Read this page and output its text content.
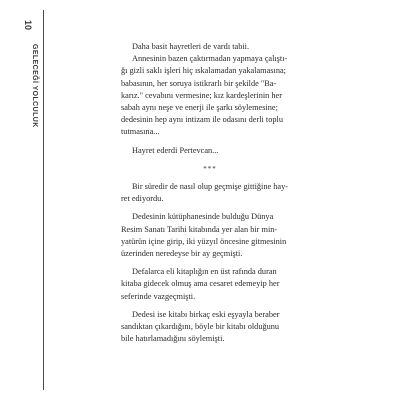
10
GELECEĞİ YOLCULUK	Daha basit hayretleri de vardı tabii.

Annesinin bazen çaktırmadan yapmaya çalıştı-
ğı gizli saklı işleri hiç ıskalamadan yakalamasına;
babasının, her soruya istikrarlı bir şekilde "Ba-
karız." cevabını vermesine; kız kardeşlerinin her
sabah aynı neşe ve enerji ile şarkı söylemesine;
dedesinin hep aynı intizam ile odasını derli toplu
tutmasına...

Hayret ederdi Pertevcan...

***

Bir süredir de nasıl olup geçmişe gittiğine hay-
ret ediyordu.

Dedesinin kütüphanesinde bulduğu Dünya
Resim Sanatı Tarihi kitabında yer alan bir min-
yatürün içine girip, iki yüzyıl öncesine gitmesinin
üzerinden neredeyse bir ay geçmişti.

Defalarca eli kitaplığın en üst rafında duran
kitaba gidecek olmuş ama cesaret edemeyip her
seferinde vazgeçmişti.

Dedesi ise kitabı birkaç eski eşyayla beraber
sandıktan çıkardığını, böyle bir kitabı olduğunu
bile hatırlamadığını söylemişti.
